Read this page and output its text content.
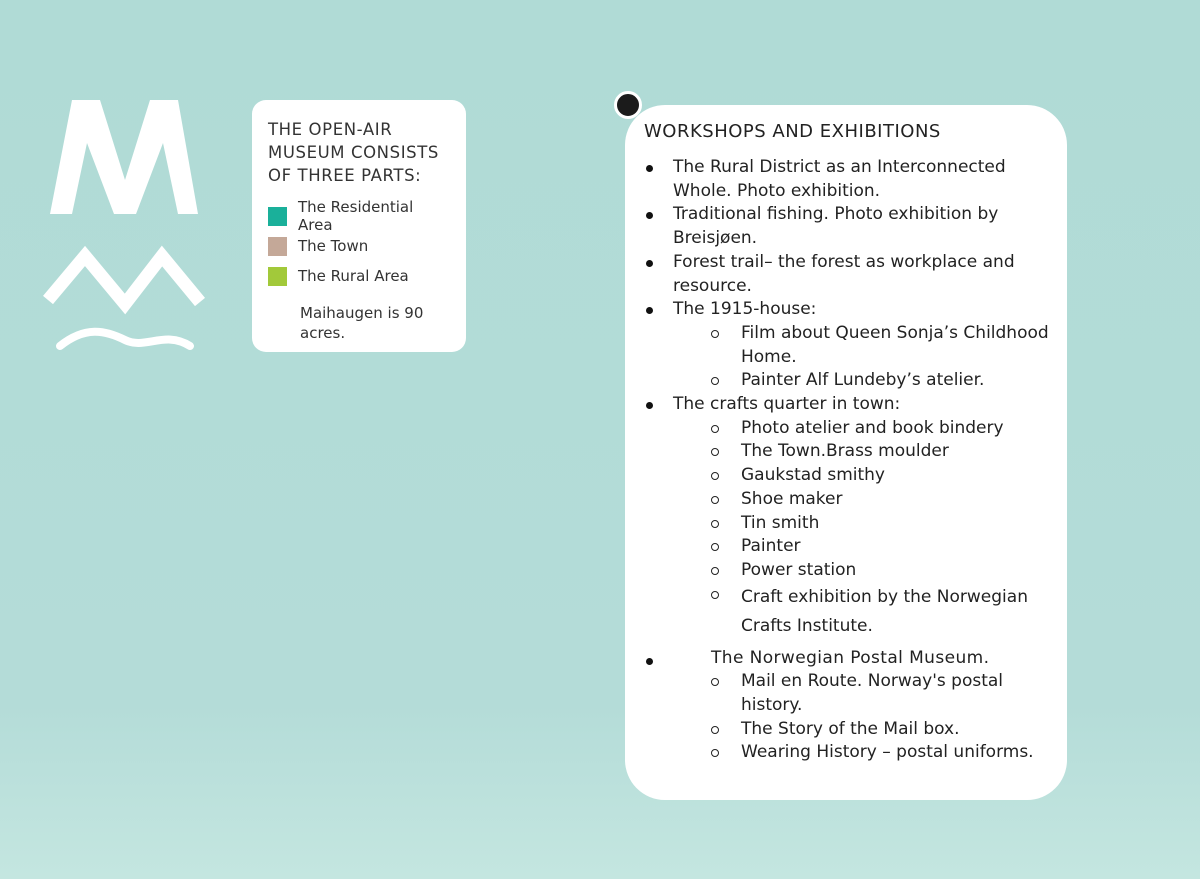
THE OPEN-AIR MUSEUM CONSISTS OF THREE PARTS:
The Residential Area
The Town
The Rural Area
Maihaugen is 90 acres.
WORKSHOPS AND EXHIBITIONS
The Rural District as an Interconnected Whole. Photo exhibition.
Traditional fishing. Photo exhibition by Breisjøen.
Forest trail– the forest as workplace and resource.
The 1915-house:
Film about Queen Sonja’s Childhood Home.
Painter Alf Lundeby’s atelier.
The crafts quarter in town:
Photo atelier and book bindery
The Town.Brass moulder
Gaukstad smithy
Shoe maker
Tin smith
Painter
Power station
Craft exhibition by the Norwegian Crafts Institute.
The Norwegian Postal Museum.
Mail en Route. Norway's postal history.
The Story of the Mail box.
Wearing History – postal uniforms.
